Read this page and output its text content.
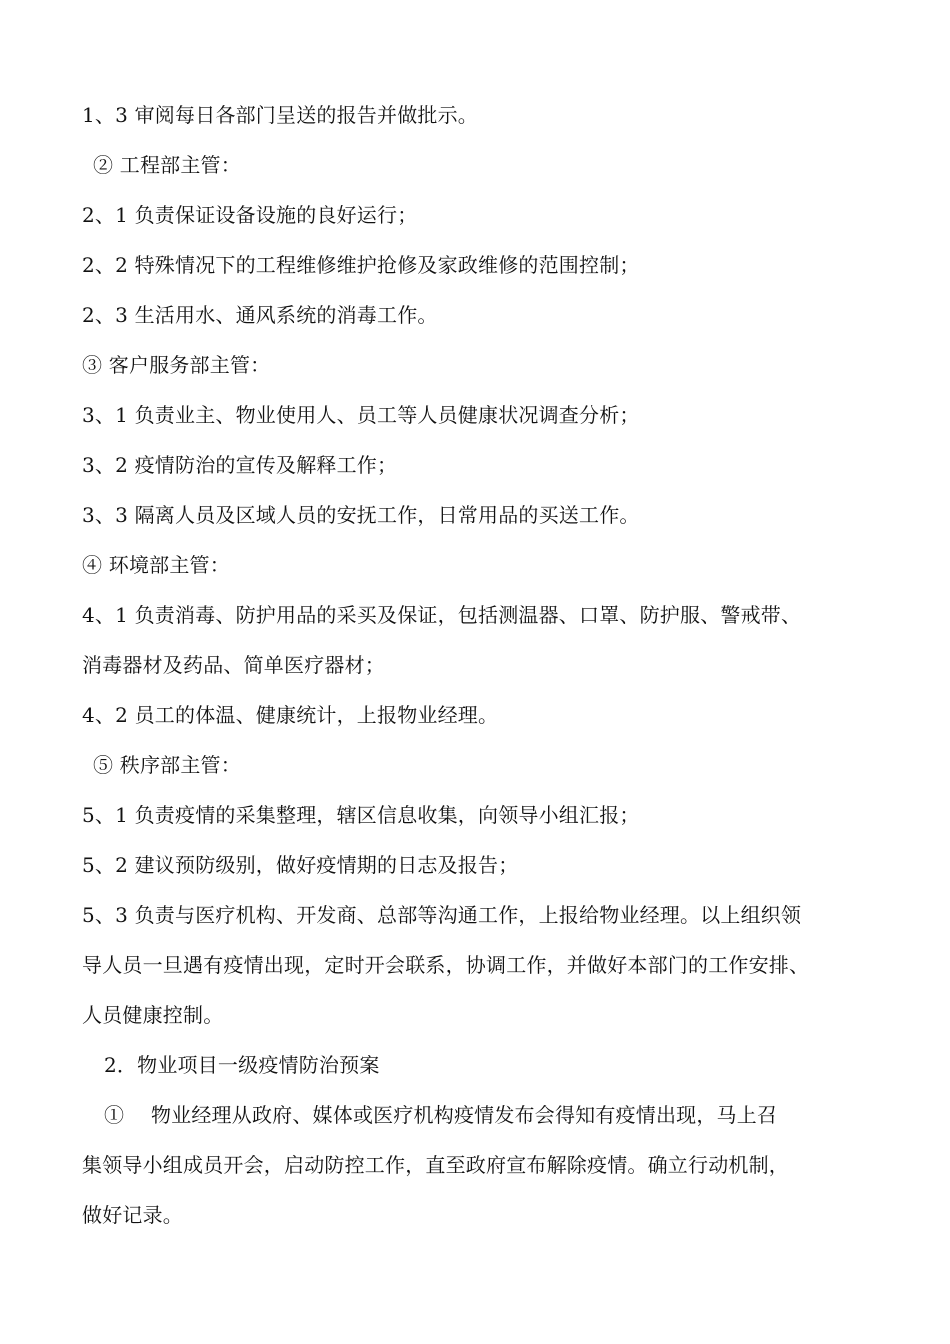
1、3 审阅每日各部门呈送的报告并做批示。
② 工程部主管：
2、1 负责保证设备设施的良好运行；
2、2 特殊情况下的工程维修维护抢修及家政维修的范围控制；
2、3 生活用水、通风系统的消毒工作。
③ 客户服务部主管：
3、1 负责业主、物业使用人、员工等人员健康状况调查分析；
3、2 疫情防治的宣传及解释工作；
3、3 隔离人员及区域人员的安抚工作，日常用品的买送工作。
④ 环境部主管：
4、1 负责消毒、防护用品的采买及保证，包括测温器、口罩、防护服、警戒带、
消毒器材及药品、简单医疗器材；
4、2 员工的体温、健康统计，上报物业经理。
⑤ 秩序部主管：
5、1 负责疫情的采集整理，辖区信息收集，向领导小组汇报；
5、2 建议预防级别，做好疫情期的日志及报告；
5、3 负责与医疗机构、开发商、总部等沟通工作，上报给物业经理。以上组织领
导人员一旦遇有疫情出现，定时开会联系，协调工作，并做好本部门的工作安排、
人员健康控制。
2．物业项目一级疫情防治预案
①　 物业经理从政府、媒体或医疗机构疫情发布会得知有疫情出现，马上召
集领导小组成员开会，启动防控工作，直至政府宣布解除疫情。确立行动机制，
做好记录。
